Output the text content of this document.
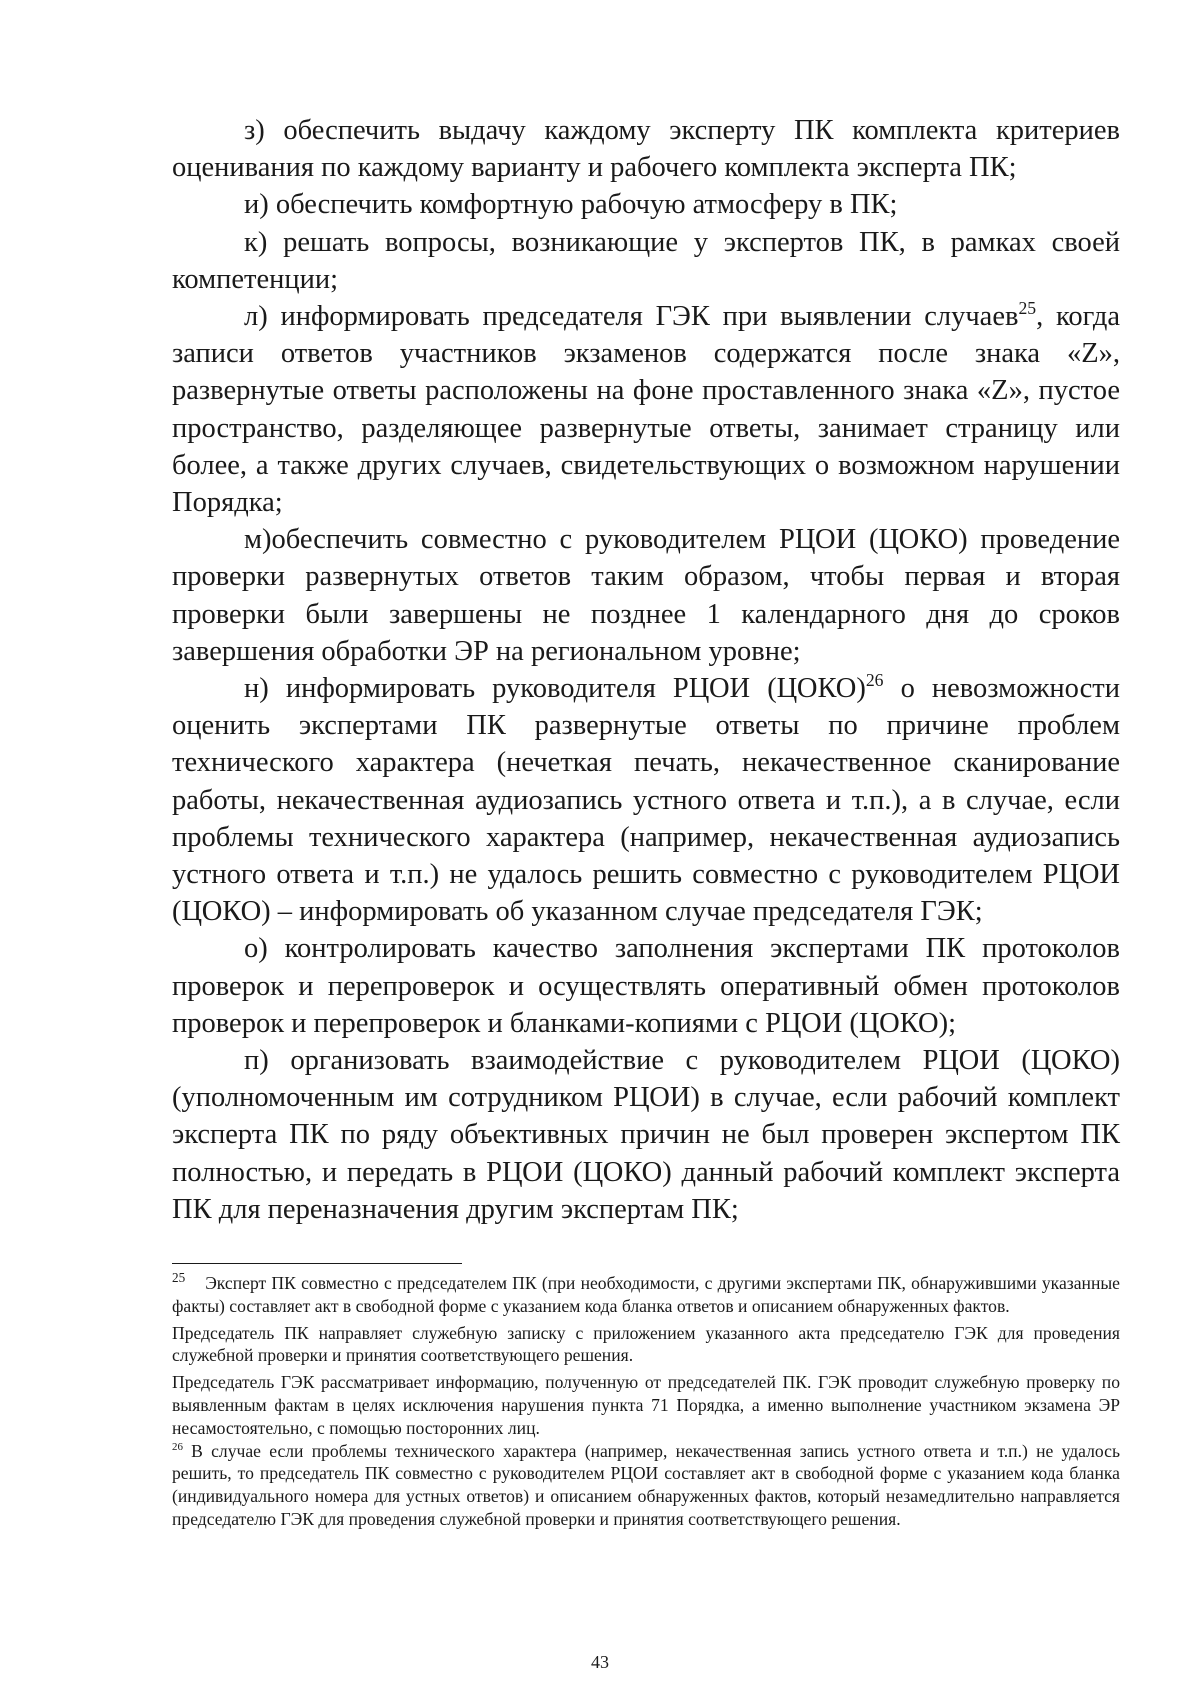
з) обеспечить выдачу каждому эксперту ПК комплекта критериев оценивания по каждому варианту и рабочего комплекта эксперта ПК;

и) обеспечить комфортную рабочую атмосферу в ПК;

к) решать вопросы, возникающие у экспертов ПК, в рамках своей компетенции;

л) информировать председателя ГЭК при выявлении случаев$^{25}$, когда записи ответов участников экзаменов содержатся после знака «Z», развернутые ответы расположены на фоне проставленного знака «Z», пустое пространство, разделяющее развернутые ответы, занимает страницу или более, а также других случаев, свидетельствующих о возможном нарушении Порядка;

м)обеспечить совместно с руководителем РЦОИ (ЦОКО) проведение проверки развернутых ответов таким образом, чтобы первая и вторая проверки были завершены не позднее 1 календарного дня до сроков завершения обработки ЭР на региональном уровне;

н) информировать руководителя РЦОИ (ЦОКО)$^{26}$ о невозможности оценить экспертами ПК развернутые ответы по причине проблем технического характера (нечеткая печать, некачественное сканирование работы, некачественная аудиозапись устного ответа и т.п.), а в случае, если проблемы технического характера (например, некачественная аудиозапись устного ответа и т.п.) не удалось решить совместно с руководителем РЦОИ (ЦОКО) – информировать об указанном случае председателя ГЭК;

о) контролировать качество заполнения экспертами ПК протоколов проверок и перепроверок и осуществлять оперативный обмен протоколов проверок и перепроверок и бланками-копиями с РЦОИ (ЦОКО);

п) организовать взаимодействие с руководителем РЦОИ (ЦОКО) (уполномоченным им сотрудником РЦОИ) в случае, если рабочий комплект эксперта ПК по ряду объективных причин не был проверен экспертом ПК полностью, и передать в РЦОИ (ЦОКО) данный рабочий комплект эксперта ПК для переназначения другим экспертам ПК;

$^{25}$ Эксперт ПК совместно с председателем ПК (при необходимости, с другими экспертами ПК, обнаружившими указанные факты) составляет акт в свободной форме с указанием кода бланка ответов и описанием обнаруженных фактов.

Председатель ПК направляет служебную записку с приложением указанного акта председателю ГЭК для проведения служебной проверки и принятия соответствующего решения.

Председатель ГЭК рассматривает информацию, полученную от председателей ПК. ГЭК проводит служебную проверку по выявленным фактам в целях исключения нарушения пункта 71 Порядка, а именно выполнение участником экзамена ЭР несамостоятельно, с помощью посторонних лиц.

$^{26}$ В случае если проблемы технического характера (например, некачественная запись устного ответа и т.п.) не удалось решить, то председатель ПК совместно с руководителем РЦОИ составляет акт в свободной форме с указанием кода бланка (индивидуального номера для устных ответов) и описанием обнаруженных фактов, который незамедлительно направляется председателю ГЭК для проведения служебной проверки и принятия соответствующего решения.

43
